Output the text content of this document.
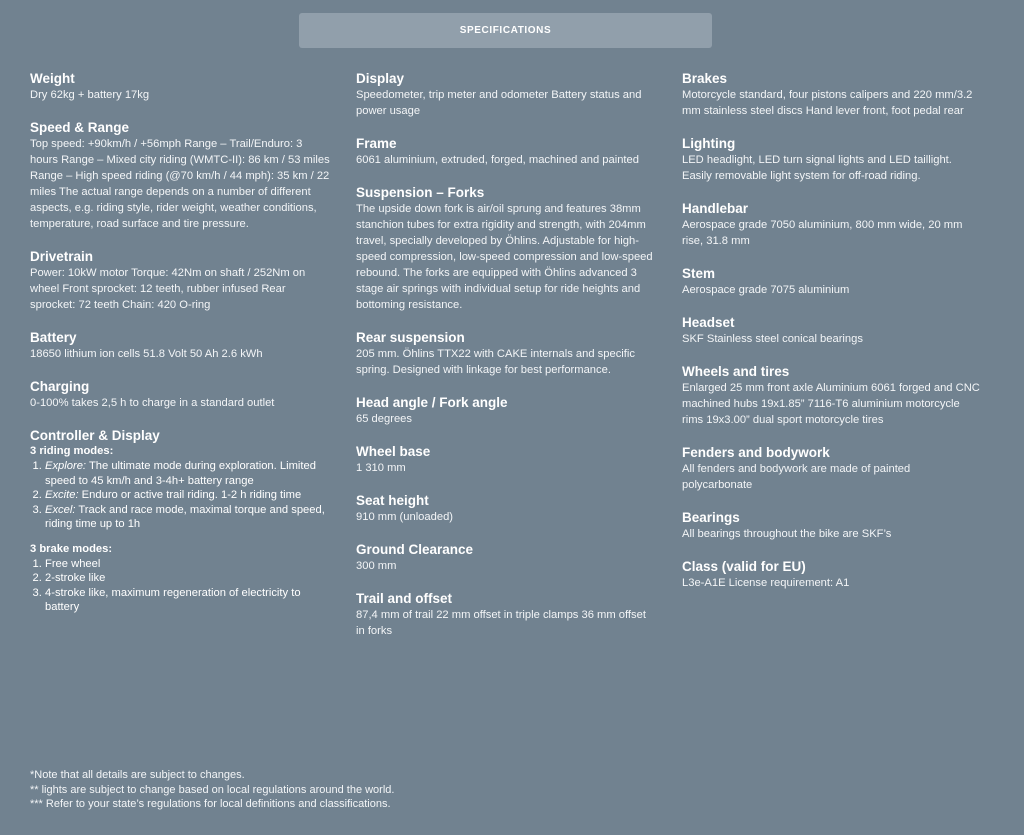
SPECIFICATIONS
Weight
Dry 62kg + battery 17kg
Speed & Range
Top speed: +90km/h / +56mph Range – Trail/Enduro: 3 hours Range – Mixed city riding (WMTC-II): 86 km / 53 miles Range – High speed riding (@70 km/h / 44 mph): 35 km / 22 miles The actual range depends on a number of different aspects, e.g. riding style, rider weight, weather conditions, temperature, road surface and tire pressure.
Drivetrain
Power: 10kW motor Torque: 42Nm on shaft / 252Nm on wheel Front sprocket: 12 teeth, rubber infused Rear sprocket: 72 teeth Chain: 420 O-ring
Battery
18650 lithium ion cells 51.8 Volt 50 Ah 2.6 kWh
Charging
0-100% takes 2,5 h to charge in a standard outlet
Controller & Display
3 riding modes:
1. Explore: The ultimate mode during exploration. Limited speed to 45 km/h and 3-4h+ battery range
2. Excite: Enduro or active trail riding. 1-2 h riding time
3. Excel: Track and race mode, maximal torque and speed, riding time up to 1h
3 brake modes:
1. Free wheel
2. 2-stroke like
3. 4-stroke like, maximum regeneration of electricity to battery
Display
Speedometer, trip meter and odometer Battery status and power usage
Frame
6061 aluminium, extruded, forged, machined and painted
Suspension – Forks
The upside down fork is air/oil sprung and features 38mm stanchion tubes for extra rigidity and strength, with 204mm travel, specially developed by Öhlins. Adjustable for high-speed compression, low-speed compression and low-speed rebound. The forks are equipped with Öhlins advanced 3 stage air springs with individual setup for ride heights and bottoming resistance.
Rear suspension
205 mm. Öhlins TTX22 with CAKE internals and specific spring. Designed with linkage for best performance.
Head angle / Fork angle
65 degrees
Wheel base
1 310 mm
Seat height
910 mm (unloaded)
Ground Clearance
300 mm
Trail and offset
87,4 mm of trail 22 mm offset in triple clamps 36 mm offset in forks
Brakes
Motorcycle standard, four pistons calipers and 220 mm/3.2 mm stainless steel discs Hand lever front, foot pedal rear
Lighting
LED headlight, LED turn signal lights and LED taillight. Easily removable light system for off-road riding.
Handlebar
Aerospace grade 7050 aluminium, 800 mm wide, 20 mm rise, 31.8 mm
Stem
Aerospace grade 7075 aluminium
Headset
SKF Stainless steel conical bearings
Wheels and tires
Enlarged 25 mm front axle Aluminium 6061 forged and CNC machined hubs 19x1.85” 7116-T6 aluminium motorcycle rims 19x3.00” dual sport motorcycle tires
Fenders and bodywork
All fenders and bodywork are made of painted polycarbonate
Bearings
All bearings throughout the bike are SKF’s
Class (valid for EU)
L3e-A1E License requirement: A1
*Note that all details are subject to changes.
** lights are subject to change based on local regulations around the world.
*** Refer to your state’s regulations for local definitions and classifications.
